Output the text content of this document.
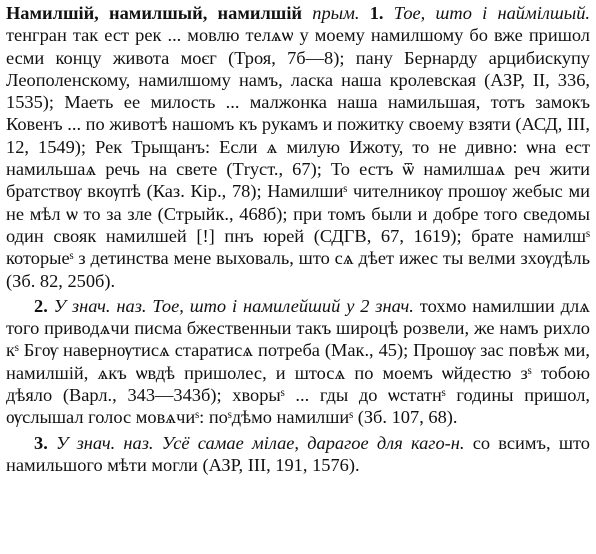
Намилшій, намилшый, намилшій прым. 1. Тое, што і наймілшый. тенгран так ест рек ... мовлю телѧѡ у моему намилшому бо вже пришол есми концу живота моєг (Троя, 7б—8); пану Бернарду арцибискупу Леополенскому, намилшому намъ, ласка наша кролевская (АЗР, II, 336, 1535); Маеть ее милость ... малжонка наша намильшая, тотъ замокъ Ковенъ ... по животѣ нашомъ къ рукамъ и пожитку своему взяти (АСД, III, 12, 1549); Рек Трыщанъ: Если ѧ милую Ижоту, то не дивно: ѡна ест намильшаѧ речь на свете (Тryст., 67); То естъ ѿ намилшаѧ реч жити братствѹ вкѹпѣ (Каз. Кір., 78); Намилшиˢ чителникѹ прошѹ жебыс ми не мѣл ѡ то за зле (Стрыйк., 468б); при томъ были и добре того сведомы один свояк намилшей [!] пнъ юрей (СДГВ, 67, 1619); брате намилшˢ которыеˢ з детинства мене выховаль, што сѧ дѣет ижес ты велми зхѹдѣль (Зб. 82, 250б).

2. У знач. наз. Тое, што і намилейший у 2 знач. тохмо намилшии длѧ того приводѧчи писма бжественныи такъ широцѣ розвели, же намъ рихло кˢ Бгѹ навернѹтисѧ старатисѧ потреба (Мак., 45); Прошѹ зас повѣж ми, намилшій, ѧкъ ѡвдѣ пришолес, и штосѧ по моемъ ѡйдестю зˢ тобою дѣяло (Варл., 343—343б); хворыˢ ... гды до ѡстатнˢ годины пришол, ѹслышал голос мовѧчиˢ: поˢдѣмо намилшиˢ (Зб. 107, 68).

3. У знач. наз. Усё самае мілае, дарагое для каго-н. со всимъ, што намильшого мѣти могли (АЗР, III, 191, 1576).
